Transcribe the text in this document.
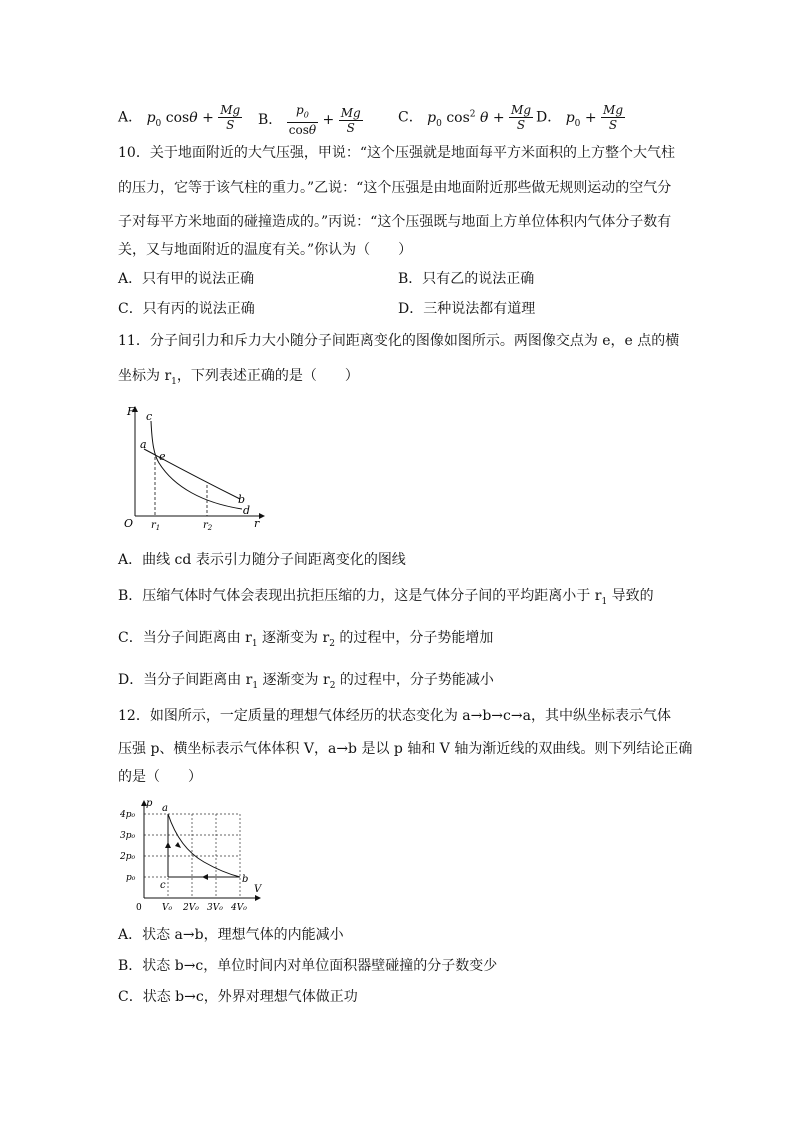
A． $p_0$ $\cos\theta + \frac{Mg}{S}$ B． $\frac{p_0}{\cos\theta} + \frac{Mg}{S}$	C． $p_0$ $\cos^2 \theta + \frac{Mg}{S}$ D． $p_0 + \frac{Mg}{S}$
10．关于地面附近的大气压强，甲说：“这个压强就是地面每平方米面积的上方整个大气柱
的压力，它等于该气柱的重力。”乙说：“这个压强是由地面附近那些做无规则运动的空气分
子对每平方米地面的碰撞造成的。”丙说：“这个压强既与地面上方单位体积内气体分子数有
关，又与地面附近的温度有关。”你认为（　　）
A．只有甲的说法正确	B．只有乙的说法正确
C．只有丙的说法正确	D．三种说法都有道理
11．分子间引力和斥力大小随分子间距离变化的图像如图所示。两图像交点为 e，e 点的横
坐标为 $r_1$，下列表述正确的是（　　）
F c
a
e
b
d
O $r_1$	$r_2$	r
A．曲线 cd 表示引力随分子间距离变化的图线
B．压缩气体时气体会表现出抗拒压缩的力，这是气体分子间的平均距离小于 $r_1$ 导致的
C．当分子间距离由 $r_1$ 逐渐变为 $r_2$ 的过程中，分子势能增加
D．当分子间距离由 $r_1$ 逐渐变为 $r_2$ 的过程中，分子势能减小
12．如图所示，一定质量的理想气体经历的状态变化为 a→b→c→a，其中纵坐标表示气体
压强 p、横坐标表示气体体积 V，a→b 是以 p 轴和 V 轴为渐近线的双曲线。则下列结论正确
的是（　　）
p a
b
c	V
0
4p₀
3p₀
2p₀
p₀
V₀ 2V₀ 3V₀ 4V₀
A．状态 a→b，理想气体的内能减小
B．状态 b→c，单位时间内对单位面积器壁碰撞的分子数变少
C．状态 b→c，外界对理想气体做正功
